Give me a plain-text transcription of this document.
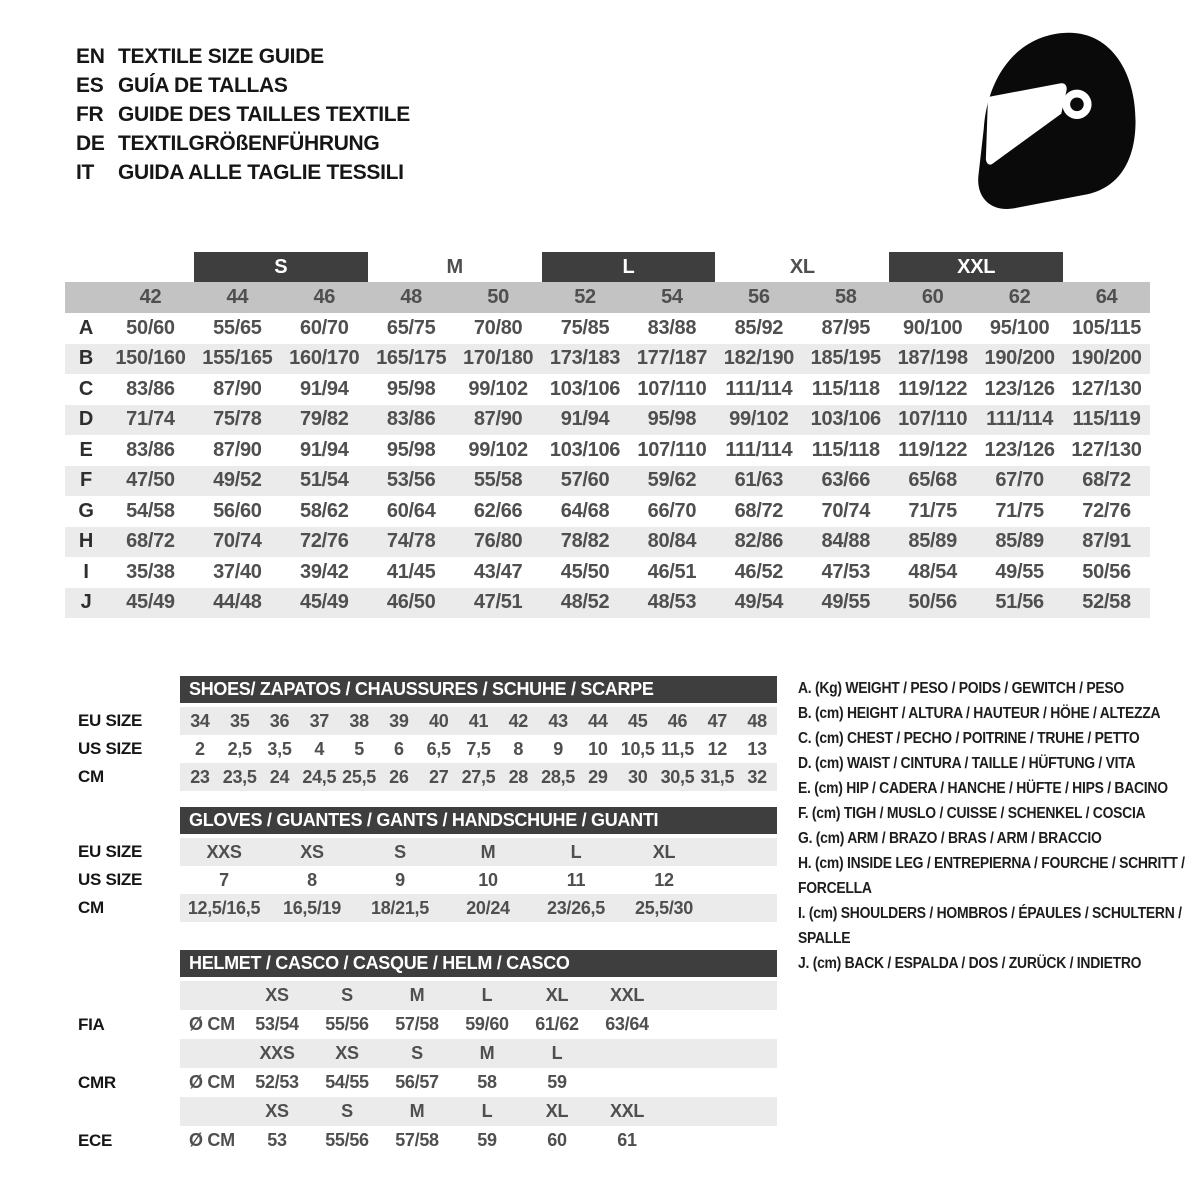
EN TEXTILE SIZE GUIDE
ES GUÍA DE TALLAS
FR GUIDE DES TAILLES TEXTILE
DE TEXTILGRÖßENFÜHRUNG
IT	GUIDA ALLE TAGLIE TESSILI
S	M	L	XL	XXL
42	44	46	48	50	52	54	56	58	60	62	64
A	50/60	55/65	60/70	65/75	70/80	75/85	83/88	85/92	87/95	90/100	95/100	105/115
B	150/160 155/165 160/170 165/175 170/180 173/183 177/187 182/190 185/195 187/198 190/200 190/200
C	83/86	87/90	91/94	95/98	99/102	103/106 107/110 111/114 115/118 119/122 123/126 127/130
D	71/74	75/78	79/82	83/86	87/90	91/94	95/98	99/102	103/106 107/110 111/114 115/119
E	83/86	87/90	91/94	95/98	99/102	103/106 107/110 111/114 115/118 119/122 123/126 127/130
F	47/50	49/52	51/54	53/56	55/58	57/60	59/62	61/63	63/66	65/68	67/70	68/72
G	54/58	56/60	58/62	60/64	62/66	64/68	66/70	68/72	70/74	71/75	71/75	72/76
H	68/72	70/74	72/76	74/78	76/80	78/82	80/84	82/86	84/88	85/89	85/89	87/91
I	35/38	37/40	39/42	41/45	43/47	45/50	46/51	46/52	47/53	48/54	49/55	50/56
J	45/49	44/48	45/49	46/50	47/51	48/52	48/53	49/54	49/55	50/56	51/56	52/58
SHOES/ ZAPATOS / CHAUSSURES / SCHUHE / SCARPE
EU SIZE	34	35	36	37	38	39	40	41	42	43	44	45	46	47	48
US SIZE	2	2,5 3,5	4	5	6	6,5 7,5	8	9	10 10,5 11,5 12	13
CM	23 23,5 24 24,5 25,5 26	27 27,5 28 28,5 29	30 30,5 31,5 32
GLOVES / GUANTES / GANTS / HANDSCHUHE / GUANTI
EU SIZE	XXS	XS	S	M	L	XL
US SIZE	7	8	9	10	11	12
CM	12,5/16,5	16,5/19	18/21,5	20/24	23/26,5	25,5/30
HELMET / CASCO / CASQUE / HELM / CASCO
XS	S	M	L	XL	XXL
FIA	Ø CM	53/54	55/56	57/58	59/60	61/62	63/64
XXS	XS	S	M	L
CMR	Ø CM	52/53	54/55	56/57	58	59
XS	S	M	L	XL	XXL
ECE	Ø CM	53	55/56	57/58	59	60	61
A. (Kg) WEIGHT / PESO / POIDS / GEWITCH / PESO
B. (cm) HEIGHT / ALTURA / HAUTEUR / HÖHE / ALTEZZA
C. (cm) CHEST / PECHO / POITRINE / TRUHE / PETTO
D. (cm) WAIST / CINTURA / TAILLE / HÜFTUNG / VITA
E. (cm) HIP / CADERA / HANCHE / HÜFTE / HIPS / BACINO
F. (cm) TIGH / MUSLO / CUISSE / SCHENKEL / COSCIA
G. (cm) ARM / BRAZO / BRAS / ARM / BRACCIO
H. (cm) INSIDE LEG / ENTREPIERNA / FOURCHE / SCHRITT / FORCELLA
I. (cm) SHOULDERS / HOMBROS / ÉPAULES / SCHULTERN / SPALLE
J. (cm) BACK / ESPALDA / DOS / ZURÜCK / INDIETRO
